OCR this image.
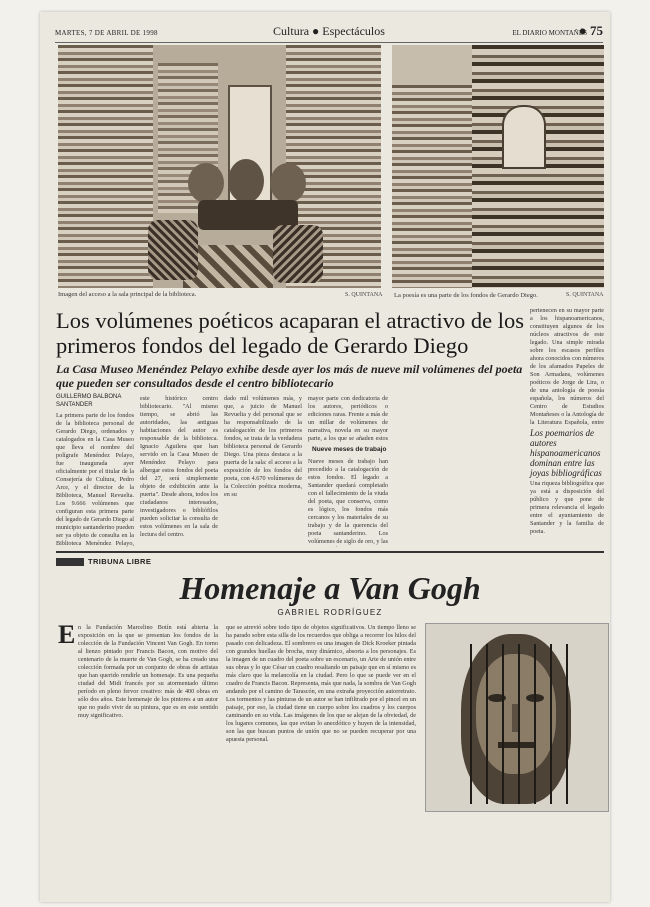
MARTES, 7 DE ABRIL DE 1998	Cultura ● Espectáculos	EL DIARIO MONTAÑÉS
● 75
Imagen del acceso a la sala principal de la biblioteca.	S. QUINTANA La poesía es una parte de los fondos de Gerardo Diego.	S. QUINTANA
Los volúmenes poéticos acaparan el atractivo de los primeros fondos del legado de Gerardo Diego
La Casa Museo Menéndez Pelayo exhibe desde ayer los más de nueve mil volúmenes del poeta que pueden ser consultados desde el centro bibliotecario
GUILLERMO BALBONA
SANTANDER
La primera parte de los fondos de la biblioteca personal de Gerardo Diego, ordenados y catalogados en la Casa Museo que lleva el nombre del polígrafe Menéndez Pelayo, fue inaugurada ayer oficialmente por el titular de la Consejería de Cultura, Pedro Arce, y el director de la Biblioteca, Manuel Revuelta. Los 9.666 volúmenes que configuran esta primera parte del legado de Gerardo Diego al municipio santanderino pueden ser ya objeto de consulta en la Biblioteca Menéndez Pelayo,
este histórico centro bibliotecario. "Al mismo tiempo, se abrió las autoridades, las antiguas habitaciones del autor es responsable de la biblioteca. Ignacio Aguilera que han servido en la Casa Museo de Menéndez Pelayo para albergar estos fondos del poeta del 27, será simplemente objeto de exhibición ante la puerta". Desde ahora, todos los ciudadanos interesados, investigadores o bibliófilos pueden solicitar la consulta de estos volúmenes en la sala de lectura del centro.
dado mil volúmenes más, y que, a juicio de Manuel Revuelta y del personal que se ha responsabilizado de la catalogación de los primeros fondos, se trata de la verdadera biblioteca personal de Gerardo Diego. Una pieza destaca a la puerta de la sala: el acceso a la exposición de los fondos del poeta, con 4.670 volúmenes de la Colección poética moderna, en su
mayor parte con dedicatoria de los autores, periódicos o ediciones raras. Frente a más de un millar de volúmenes de narrativa, novela en su mayor parte, a los que se añaden estos
Nueve meses de trabajo
Nueve meses de trabajo han precedido a la catalogación de estos fondos. El legado a Santander quedará completado con el fallecimiento de la viuda del poeta, que conserva, como es lógico, los fondos más cercanos y los materiales de su trabajo y de la querencia del poeta santanderino. Los volúmenes de siglo de oro, y las
pertenecen en su mayor parte a los hispanoamericanos, constituyen algunos de los núcleos atractivos de este legado. Una simple mirada sobre los escasos perfiles ahora conocidos con números de los afamados Papeles de Son Armadans, volúmenes poéticos de Jorge de Lira, o de una antología de poesía española, los números del Centro de Estudios Montañeses o la Antología de la Literatura Española, entre
Los poemarios de autores hispanoamericanos dominan entre las joyas bibliográficas
Una riqueza bibliográfica que ya está a disposición del público y que pone de primera relevancia el legado entre el ayuntamiento de Santander y la familia de poeta.
TRIBUNA LIBRE
Homenaje a Van Gogh
GABRIEL RODRÍGUEZ
E n la Fundación Marcelino Botín está abierta la exposición en la que se presentan los fondos de la colección de la Fundación Vincent Van Gogh. En torno al lienzo pintado por Francis Bacon, con motivo del centenario de la muerte de Van Gogh, se ha creado una colección formada por un conjunto de obras de artistas que han querido rendirle un homenaje. Es una pequeña ciudad del Midi francés por su atormentado último período en pleno fervor creativo: más de 400 obras en sólo dos años. Este homenaje de los pintores a un autor que no pudo vivir de su pintura, que es en este sentido muy significativo.
que se atrevió sobre todo tipo de objetos significativos. Un tiempo lleno se ha parado sobre esta silla de los recuerdos que obliga a recorrer los hilos del pasado con delicadeza. El sombrero es una imagen de Dick Kroeker pintada con grandes huellas de brocha, muy dinámico, absorta a los personajes. Es la imagen de un cuadro del poeta sobre un escenario, un Arte de unión entre sus obras y lo que César un cuadro resaltando un paisaje que en sí mismo es más claro que la melancolía en la ciudad. Pero lo que se puede ver en el cuadro de Francis Bacon. Representa, más que nada, la sombra de Van Gogh andando por el camino de Tarascón, en una extraña proyección autorretrato. Los tormentos y las pinturas de un autor se han infiltrado por el pincel en un paisaje, por eso, la ciudad tiene un cuerpo sobre los cuadros y los cuerpos caminando en su vida. Las imágenes de los que se alejan de la obviedad, de los lugares comunes, las que evitan lo anecdótico y huyen de la intensidad, son las que buscan puntos de unión que no se pueden recuperar por una apuesta personal.
